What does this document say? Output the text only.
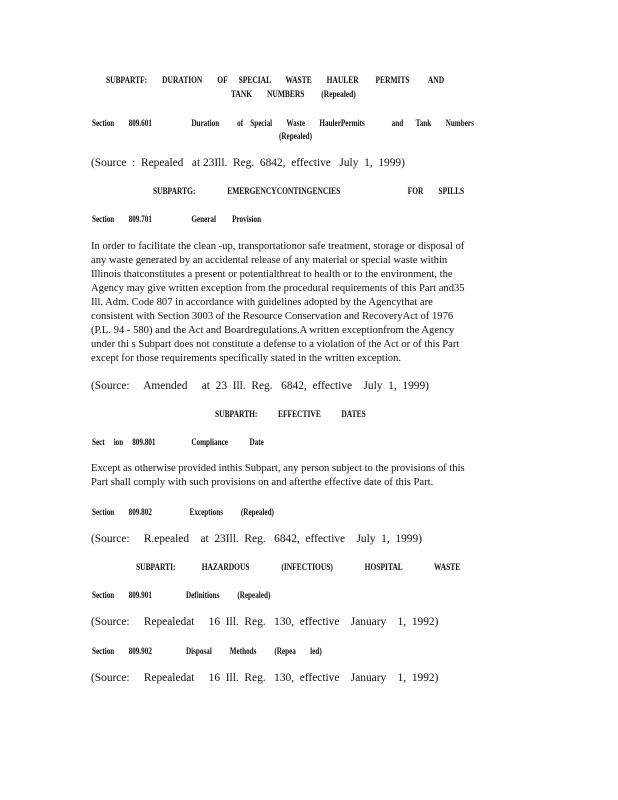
SUBPARTF:        DURATION        OF      SPECIAL        WASTE        HAULER         PERMITS          AND
TANK        NUMBERS         (Repealed)
Section        809.601                      Duration          of    Special        Waste        HaulerPermits               and       Tank        Numbers
(Repealed)
(Source  :  Repealed   at 23Ill.  Reg.  6842,  effective   July  1,  1999)
SUBPARTG:                 EMERGENCYCONTINGENCIES                                    FOR        SPILLS
Section        809.701                      General         Provision

In order to facilitate the clean -up, transportationor safe treatment, storage or disposal of

any waste generated by an accidental release of any material or special waste within

Illinois thatconstitutes a present or potentialthreat to health or to the environment, the

Agency may give written exception from the procedural requirements of this Part and35

Ill. Adm. Code 807 in accordance with guidelines adopted by the Agencythat are

consistent with Section 3003 of the Resource Conservation and RecoveryAct of 1976

(P.L. 94 - 580) and the Act and Boardregulations.A written exceptionfrom the Agency

under thi s Subpart does not constitute a defense to a violation of the Act or of this Part

except for those requirements specifically stated in the written exception.

(Source:     Amended     at  23  Ill.  Reg.   6842,  effective    July  1,  1999)
SUBPARTH:           EFFECTIVE           DATES
Sect     ion     809.801                    Compliance            Date

Except as otherwise provided inthis Subpart, any person subject to the provisions of this

Part shall comply with such provisions on and afterthe effective date of this Part.

Section        809.802                     Exceptions          (Repealed)
(Source:     R.epealed    at  23Ill.  Reg.   6842,  effective    July  1,  1999)
SUBPARTI:              HAZARDOUS                 (INFECTIOUS)                 HOSPITAL                 WASTE
Section        809.901                   Definitions          (Repealed)
(Source:     Repealedat     16  Ill.  Reg.   130,  effective    January    1,  1992)
Section        809.902                   Disposal          Methods          (Repea        led)
(Source:     Repealedat     16  Ill.  Reg.   130,  effective    January    1,  1992)
